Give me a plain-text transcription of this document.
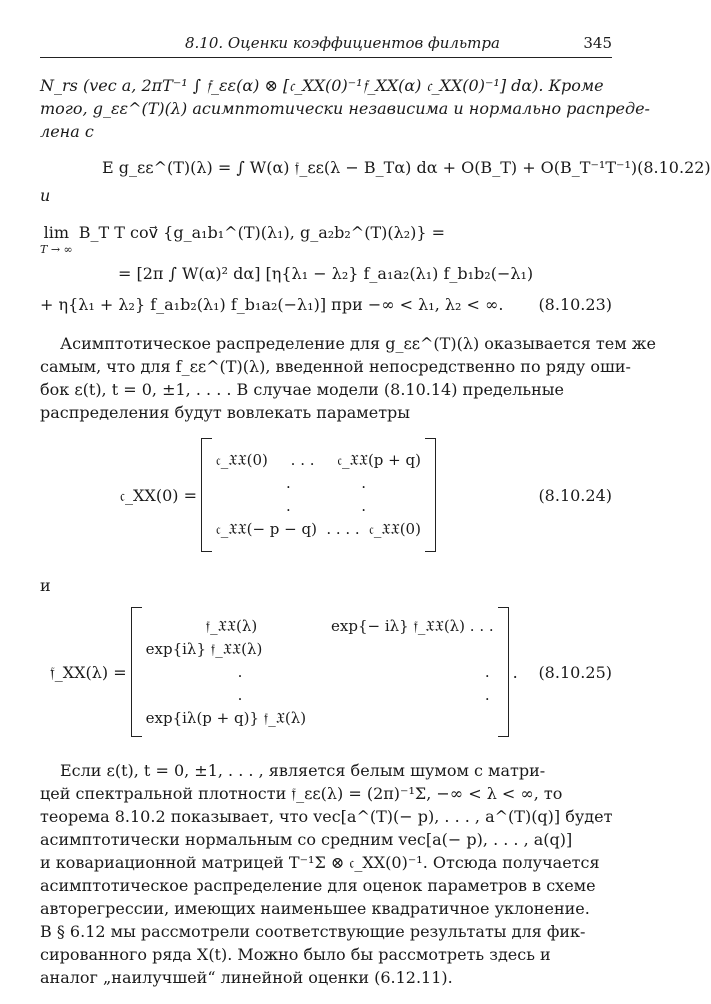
8.10. Оценки коэффициентов фильтра	345
N_rs (vec a, 2πT⁻¹ ∫ 𝔣_εε(α) ⊗ [𝔠_XX(0)⁻¹𝔣_XX(α) 𝔠_XX(0)⁻¹] dα). Кроме
того, g_εε^(T)(λ) асимптотически независима и нормально распреде-
лена с
E g_εε^(T)(λ) = ∫ W(α) 𝔣_εε(λ − B_Tα) dα + O(B_T) + O(B_T⁻¹T⁻¹) (8.10.22)
и
lim
T → ∞
B_T T cov⃗ {g_a₁b₁^(T)(λ₁), g_a₂b₂^(T)(λ₂)} =
= [2π ∫ W(α)² dα] [η{λ₁ − λ₂} f_a₁a₂(λ₁) f_b₁b₂(−λ₁)
+ η{λ₁ + λ₂} f_a₁b₂(λ₁) f_b₁a₂(−λ₁)] при −∞ < λ₁, λ₂ < ∞. (8.10.23)
Асимптотическое распределение для g_εε^(T)(λ) оказывается тем же
самым, что для f_εε^(T)(λ), введенной непосредственно по ряду оши-
бок ε(t), t = 0, ±1, . . . . В случае модели (8.10.14) предельные
распределения будут вовлекать параметры
𝔠_XX(0) =
𝔠_𝔛𝔛(0) . . . 𝔠_𝔛𝔛(p + q)
.	.
.	.
𝔠_𝔛𝔛(− p − q) . . . . 𝔠_𝔛𝔛(0)
(8.10.24)
и
𝔣_XX(λ) =
𝔣_𝔛𝔛(λ)	exp{− iλ} 𝔣_𝔛𝔛(λ) . . .
exp{iλ} 𝔣_𝔛𝔛(λ)
.	.
.	.
exp{iλ(p + q)} 𝔣_𝔛(λ)
. (8.10.25)
Если ε(t), t = 0, ±1, . . . , является белым шумом с матри-
цей спектральной плотности 𝔣_εε(λ) = (2π)⁻¹Σ, −∞ < λ < ∞, то
теорема 8.10.2 показывает, что vec[a^(T)(− p), . . . , a^(T)(q)] будет
асимптотически нормальным со средним vec[a(− p), . . . , a(q)]
и ковариационной матрицей T⁻¹Σ ⊗ 𝔠_XX(0)⁻¹. Отсюда получается
асимптотическое распределение для оценок параметров в схеме
авторегрессии, имеющих наименьшее квадратичное уклонение.
В § 6.12 мы рассмотрели соответствующие результаты для фик-
сированного ряда X(t). Можно было бы рассмотреть здесь и
аналог „наилучшей“ линейной оценки (6.12.11).
